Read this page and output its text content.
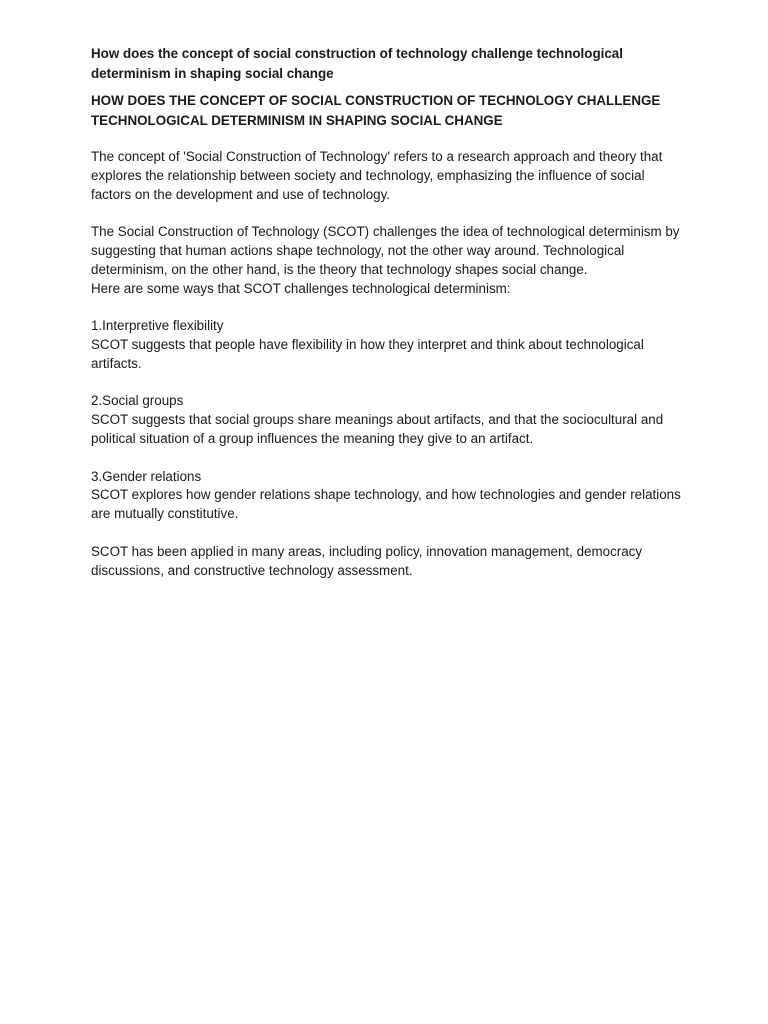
How does the concept of social construction of technology challenge technological determinism in shaping social change

HOW DOES THE CONCEPT OF SOCIAL CONSTRUCTION OF TECHNOLOGY CHALLENGE TECHNOLOGICAL DETERMINISM IN SHAPING SOCIAL CHANGE

The concept of 'Social Construction of Technology' refers to a research approach and theory that explores the relationship between society and technology, emphasizing the influence of social factors on the development and use of technology.

The Social Construction of Technology (SCOT) challenges the idea of technological determinism by suggesting that human actions shape technology, not the other way around. Technological determinism, on the other hand, is the theory that technology shapes social change.

Here are some ways that SCOT challenges technological determinism:

1.Interpretive flexibility

SCOT suggests that people have flexibility in how they interpret and think about technological artifacts.

2.Social groups

SCOT suggests that social groups share meanings about artifacts, and that the sociocultural and political situation of a group influences the meaning they give to an artifact.

3.Gender relations

SCOT explores how gender relations shape technology, and how technologies and gender relations are mutually constitutive.

SCOT has been applied in many areas, including policy, innovation management, democracy discussions, and constructive technology assessment.
